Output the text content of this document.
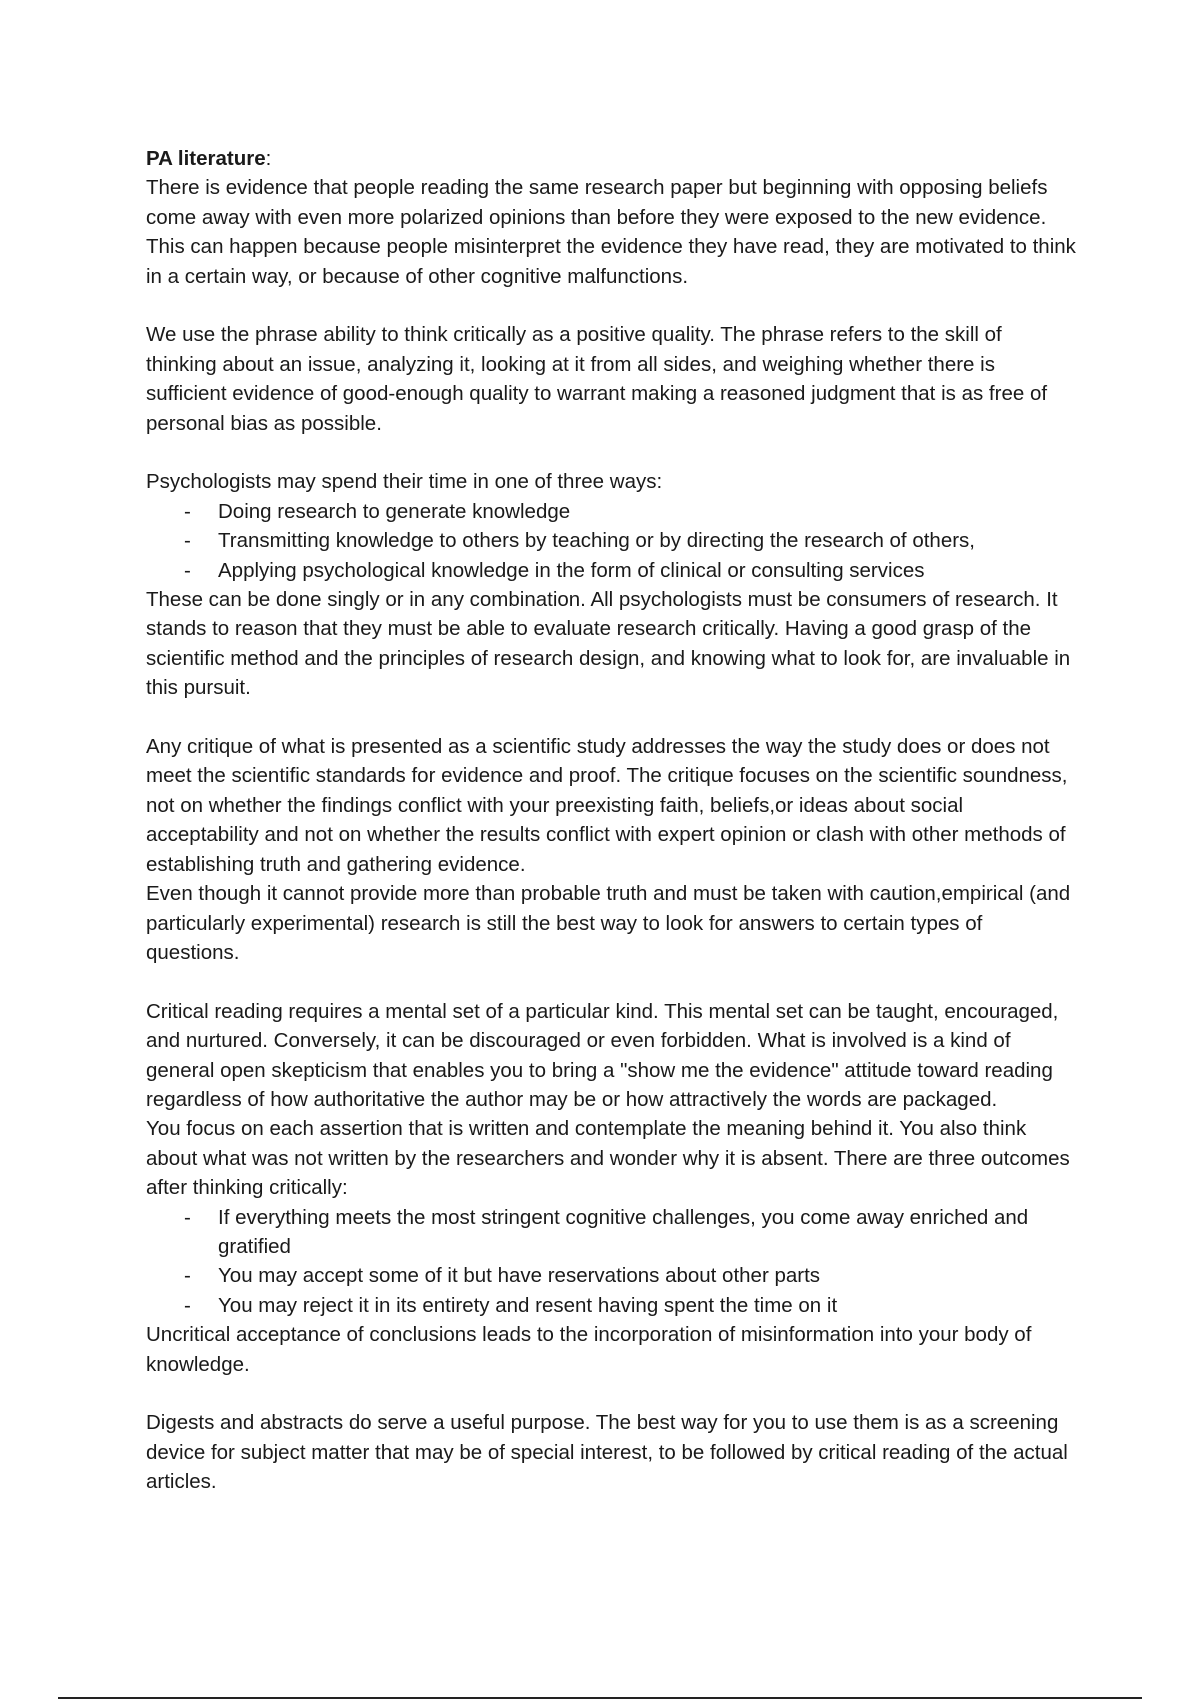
PA literature:

There is evidence that people reading the same research paper but beginning with opposing beliefs come away with even more polarized opinions than before they were exposed to the new evidence. This can happen because people misinterpret the evidence they have read, they are motivated to think in a certain way, or because of other cognitive malfunctions.

We use the phrase ability to think critically as a positive quality. The phrase refers to the skill of thinking about an issue, analyzing it, looking at it from all sides, and weighing whether there is sufficient evidence of good-enough quality to warrant making a reasoned judgment that is as free of personal bias as possible.

Psychologists may spend their time in one of three ways:

- Doing research to generate knowledge
- Transmitting knowledge to others by teaching or by directing the research of others,
- Applying psychological knowledge in the form of clinical or consulting services

These can be done singly or in any combination. All psychologists must be consumers of research. It stands to reason that they must be able to evaluate research critically. Having a good grasp of the scientific method and the principles of research design, and knowing what to look for, are invaluable in this pursuit.

Any critique of what is presented as a scientific study addresses the way the study does or does not meet the scientific standards for evidence and proof. The critique focuses on the scientific soundness, not on whether the findings conflict with your preexisting faith, beliefs,or ideas about social acceptability and not on whether the results conflict with expert opinion or clash with other methods of establishing truth and gathering evidence.

Even though it cannot provide more than probable truth and must be taken with caution,empirical (and particularly experimental) research is still the best way to look for answers to certain types of questions.

Critical reading requires a mental set of a particular kind. This mental set can be taught, encouraged, and nurtured. Conversely, it can be discouraged or even forbidden. What is involved is a kind of general open skepticism that enables you to bring a "show me the evidence" attitude toward reading regardless of how authoritative the author may be or how attractively the words are packaged.

You focus on each assertion that is written and contemplate the meaning behind it. You also think about what was not written by the researchers and wonder why it is absent. There are three outcomes after thinking critically:

- If everything meets the most stringent cognitive challenges, you come away enriched and gratified
- You may accept some of it but have reservations about other parts
- You may reject it in its entirety and resent having spent the time on it

Uncritical acceptance of conclusions leads to the incorporation of misinformation into your body of knowledge.

Digests and abstracts do serve a useful purpose. The best way for you to use them is as a screening device for subject matter that may be of special interest, to be followed by critical reading of the actual articles.
